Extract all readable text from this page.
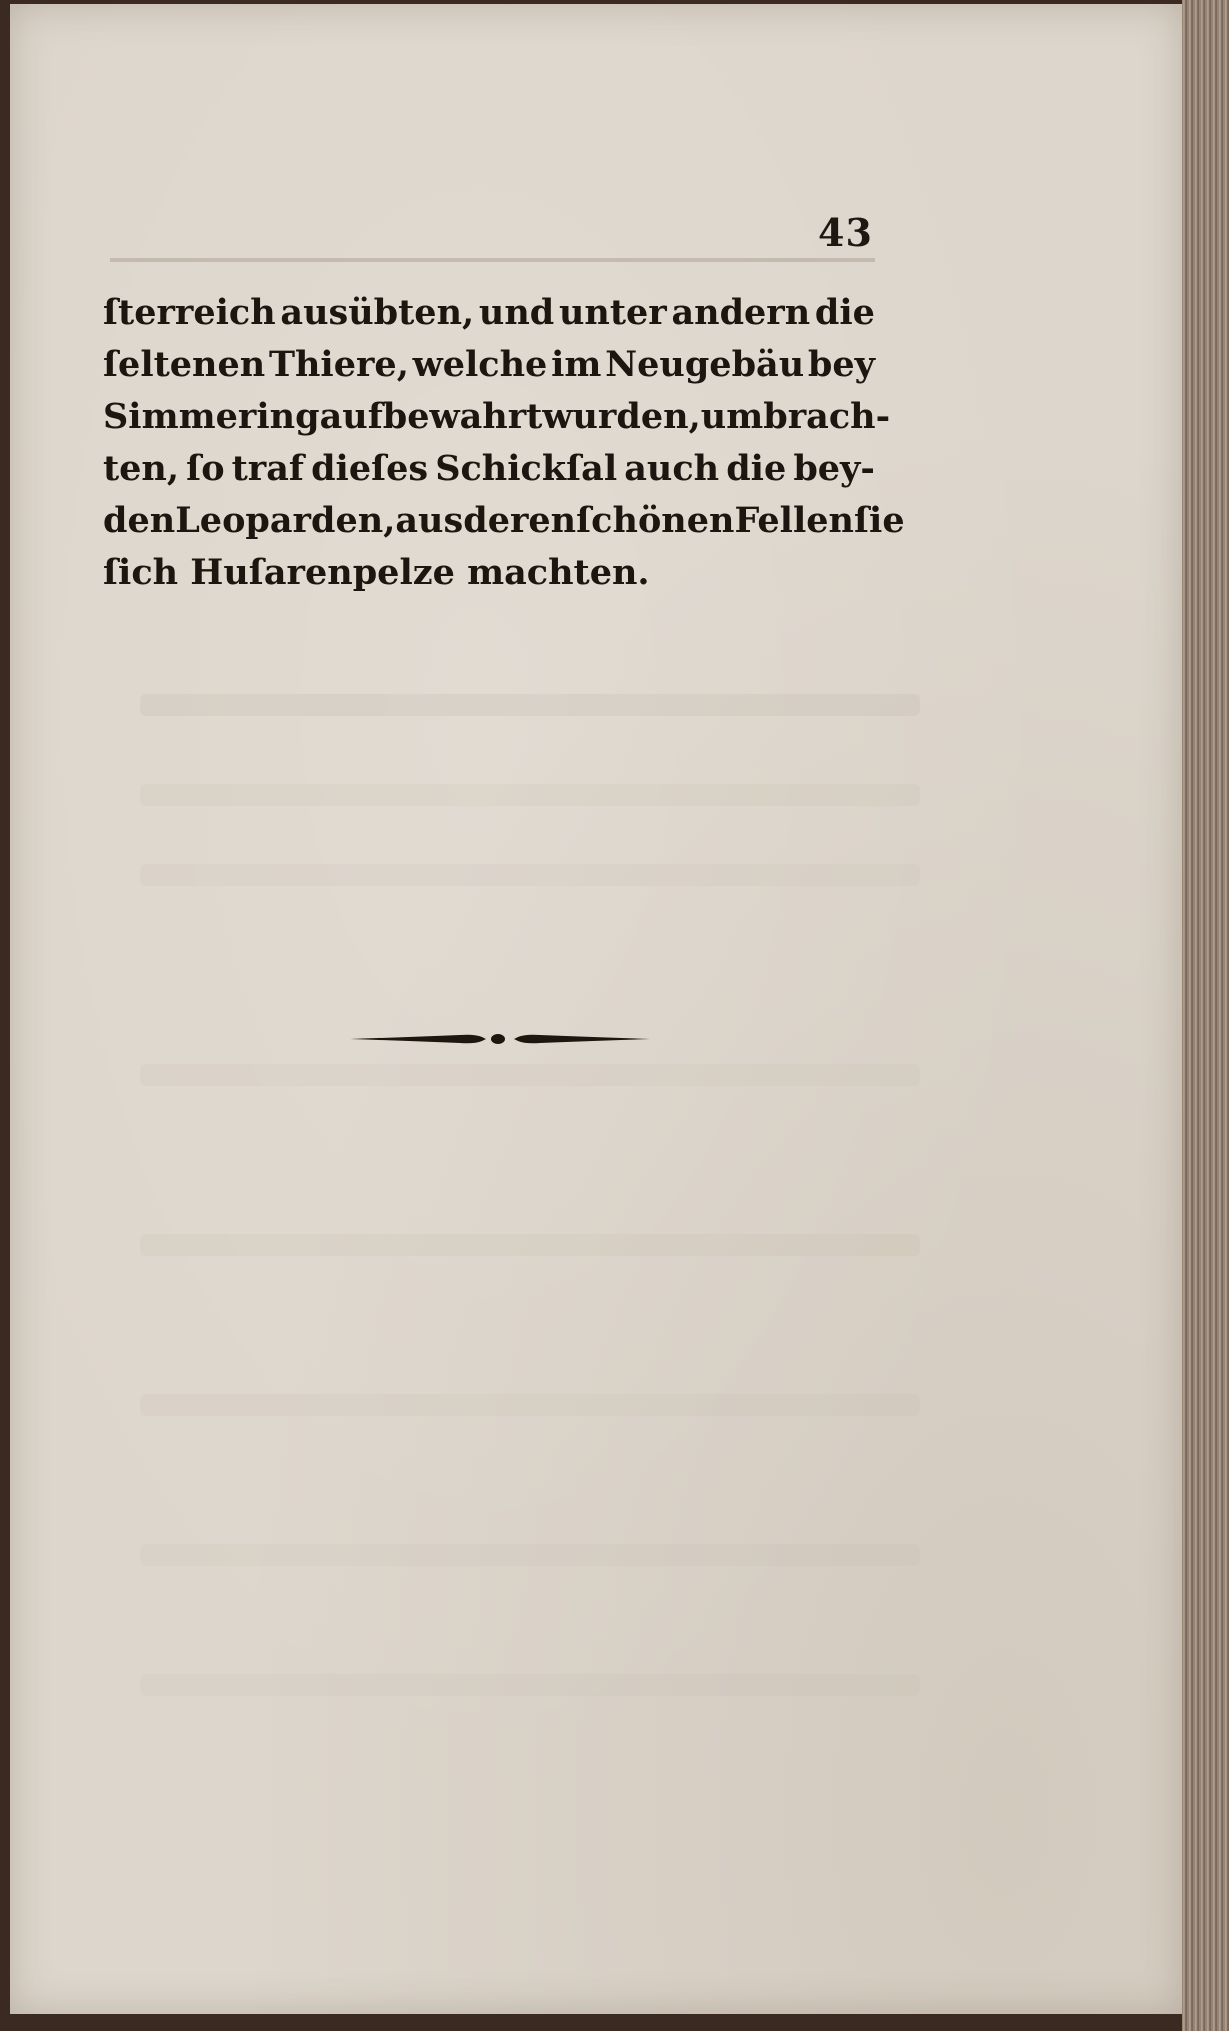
43
ſterreich ausübten, und unter andern die
ſeltenen Thiere, welche im Neugebäu bey
Simmering aufbewahrt wurden, umbrach-
ten, ſo traf dieſes Schickſal auch die bey-
den Leoparden, aus deren ſchönen Fellen ſie
ſich Huſarenpelze machten.
